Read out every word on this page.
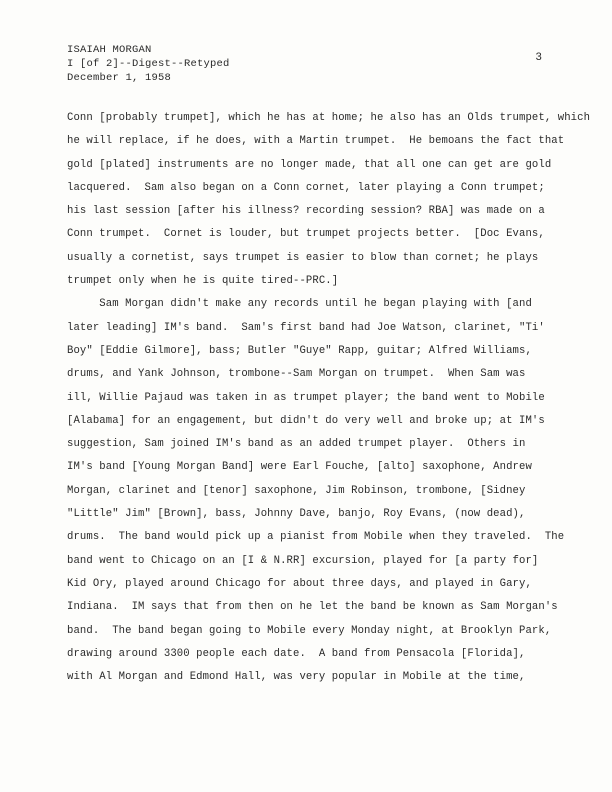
ISAIAH MORGAN
I [of 2]--Digest--Retyped
December 1, 1958
3
Conn [probably trumpet], which he has at home; he also has an Olds trumpet, which
he will replace, if he does, with a Martin trumpet.  He bemoans the fact that
gold [plated] instruments are no longer made, that all one can get are gold
lacquered.  Sam also began on a Conn cornet, later playing a Conn trumpet;
his last session [after his illness? recording session? RBA] was made on a
Conn trumpet.  Cornet is louder, but trumpet projects better.  [Doc Evans,
usually a cornetist, says trumpet is easier to blow than cornet; he plays
trumpet only when he is quite tired--PRC.]
Sam Morgan didn't make any records until he began playing with [and
later leading] IM's band.  Sam's first band had Joe Watson, clarinet, "Ti'
Boy" [Eddie Gilmore], bass; Butler "Guye" Rapp, guitar; Alfred Williams,
drums, and Yank Johnson, trombone--Sam Morgan on trumpet.  When Sam was
ill, Willie Pajaud was taken in as trumpet player; the band went to Mobile
[Alabama] for an engagement, but didn't do very well and broke up; at IM's
suggestion, Sam joined IM's band as an added trumpet player.  Others in
IM's band [Young Morgan Band] were Earl Fouche, [alto] saxophone, Andrew
Morgan, clarinet and [tenor] saxophone, Jim Robinson, trombone, [Sidney
"Little" Jim" [Brown], bass, Johnny Dave, banjo, Roy Evans, (now dead),
drums.  The band would pick up a pianist from Mobile when they traveled.  The
band went to Chicago on an [I & N.RR] excursion, played for [a party for]
Kid Ory, played around Chicago for about three days, and played in Gary,
Indiana.  IM says that from then on he let the band be known as Sam Morgan's
band.  The band began going to Mobile every Monday night, at Brooklyn Park,
drawing around 3300 people each date.  A band from Pensacola [Florida],
with Al Morgan and Edmond Hall, was very popular in Mobile at the time,
